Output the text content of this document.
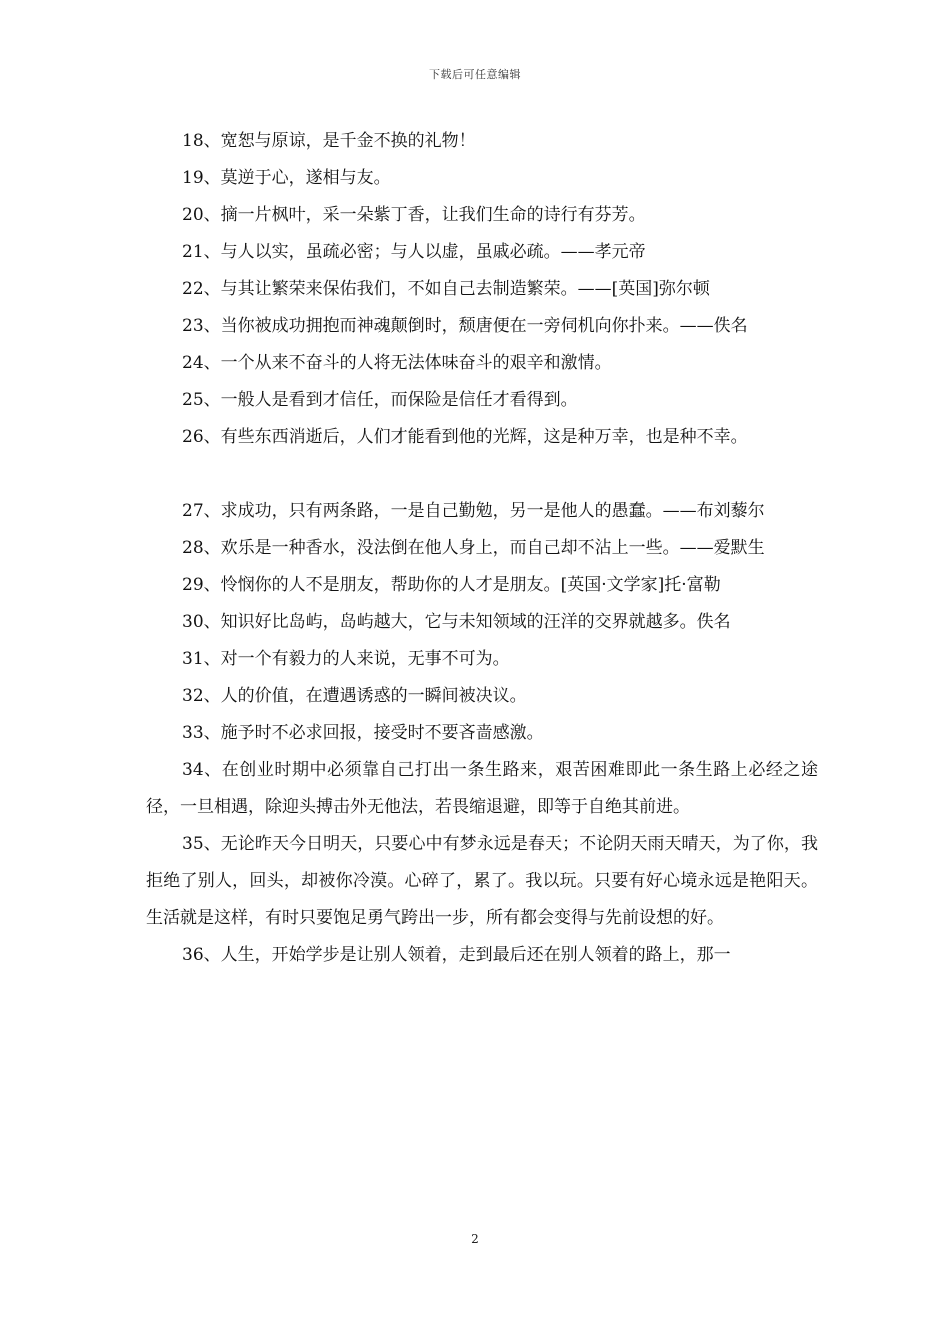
下载后可任意编辑

18、宽恕与原谅，是千金不换的礼物！

19、莫逆于心，遂相与友。

20、摘一片枫叶，采一朵紫丁香，让我们生命的诗行有芬芳。

21、与人以实，虽疏必密；与人以虚，虽戚必疏。——孝元帝

22、与其让繁荣来保佑我们，不如自己去制造繁荣。——[英国]弥尔顿

23、当你被成功拥抱而神魂颠倒时，颓唐便在一旁伺机向你扑来。——佚名

24、一个从来不奋斗的人将无法体味奋斗的艰辛和激情。

25、一般人是看到才信任，而保险是信任才看得到。

26、有些东西消逝后，人们才能看到他的光辉，这是种万幸，也是种不幸。

27、求成功，只有两条路，一是自己勤勉，另一是他人的愚蠢。——布刘藜尔

28、欢乐是一种香水，没法倒在他人身上，而自己却不沾上一些。——爱默生

29、怜悯你的人不是朋友，帮助你的人才是朋友。[英国·文学家]托·富勒

30、知识好比岛屿，岛屿越大，它与未知领域的汪洋的交界就越多。佚名

31、对一个有毅力的人来说，无事不可为。

32、人的价值，在遭遇诱惑的一瞬间被决议。

33、施予时不必求回报，接受时不要吝啬感激。

34、在创业时期中必须靠自己打出一条生路来，艰苦困难即此一条生路上必经之途径，一旦相遇，除迎头搏击外无他法，若畏缩退避，即等于自绝其前进。

35、无论昨天今日明天，只要心中有梦永远是春天；不论阴天雨天晴天，为了你，我拒绝了别人，回头，却被你冷漠。心碎了，累了。我以玩。只要有好心境永远是艳阳天。生活就是这样，有时只要饱足勇气跨出一步，所有都会变得与先前设想的好。

36、人生，开始学步是让别人领着，走到最后还在别人领着的路上，那一

2
